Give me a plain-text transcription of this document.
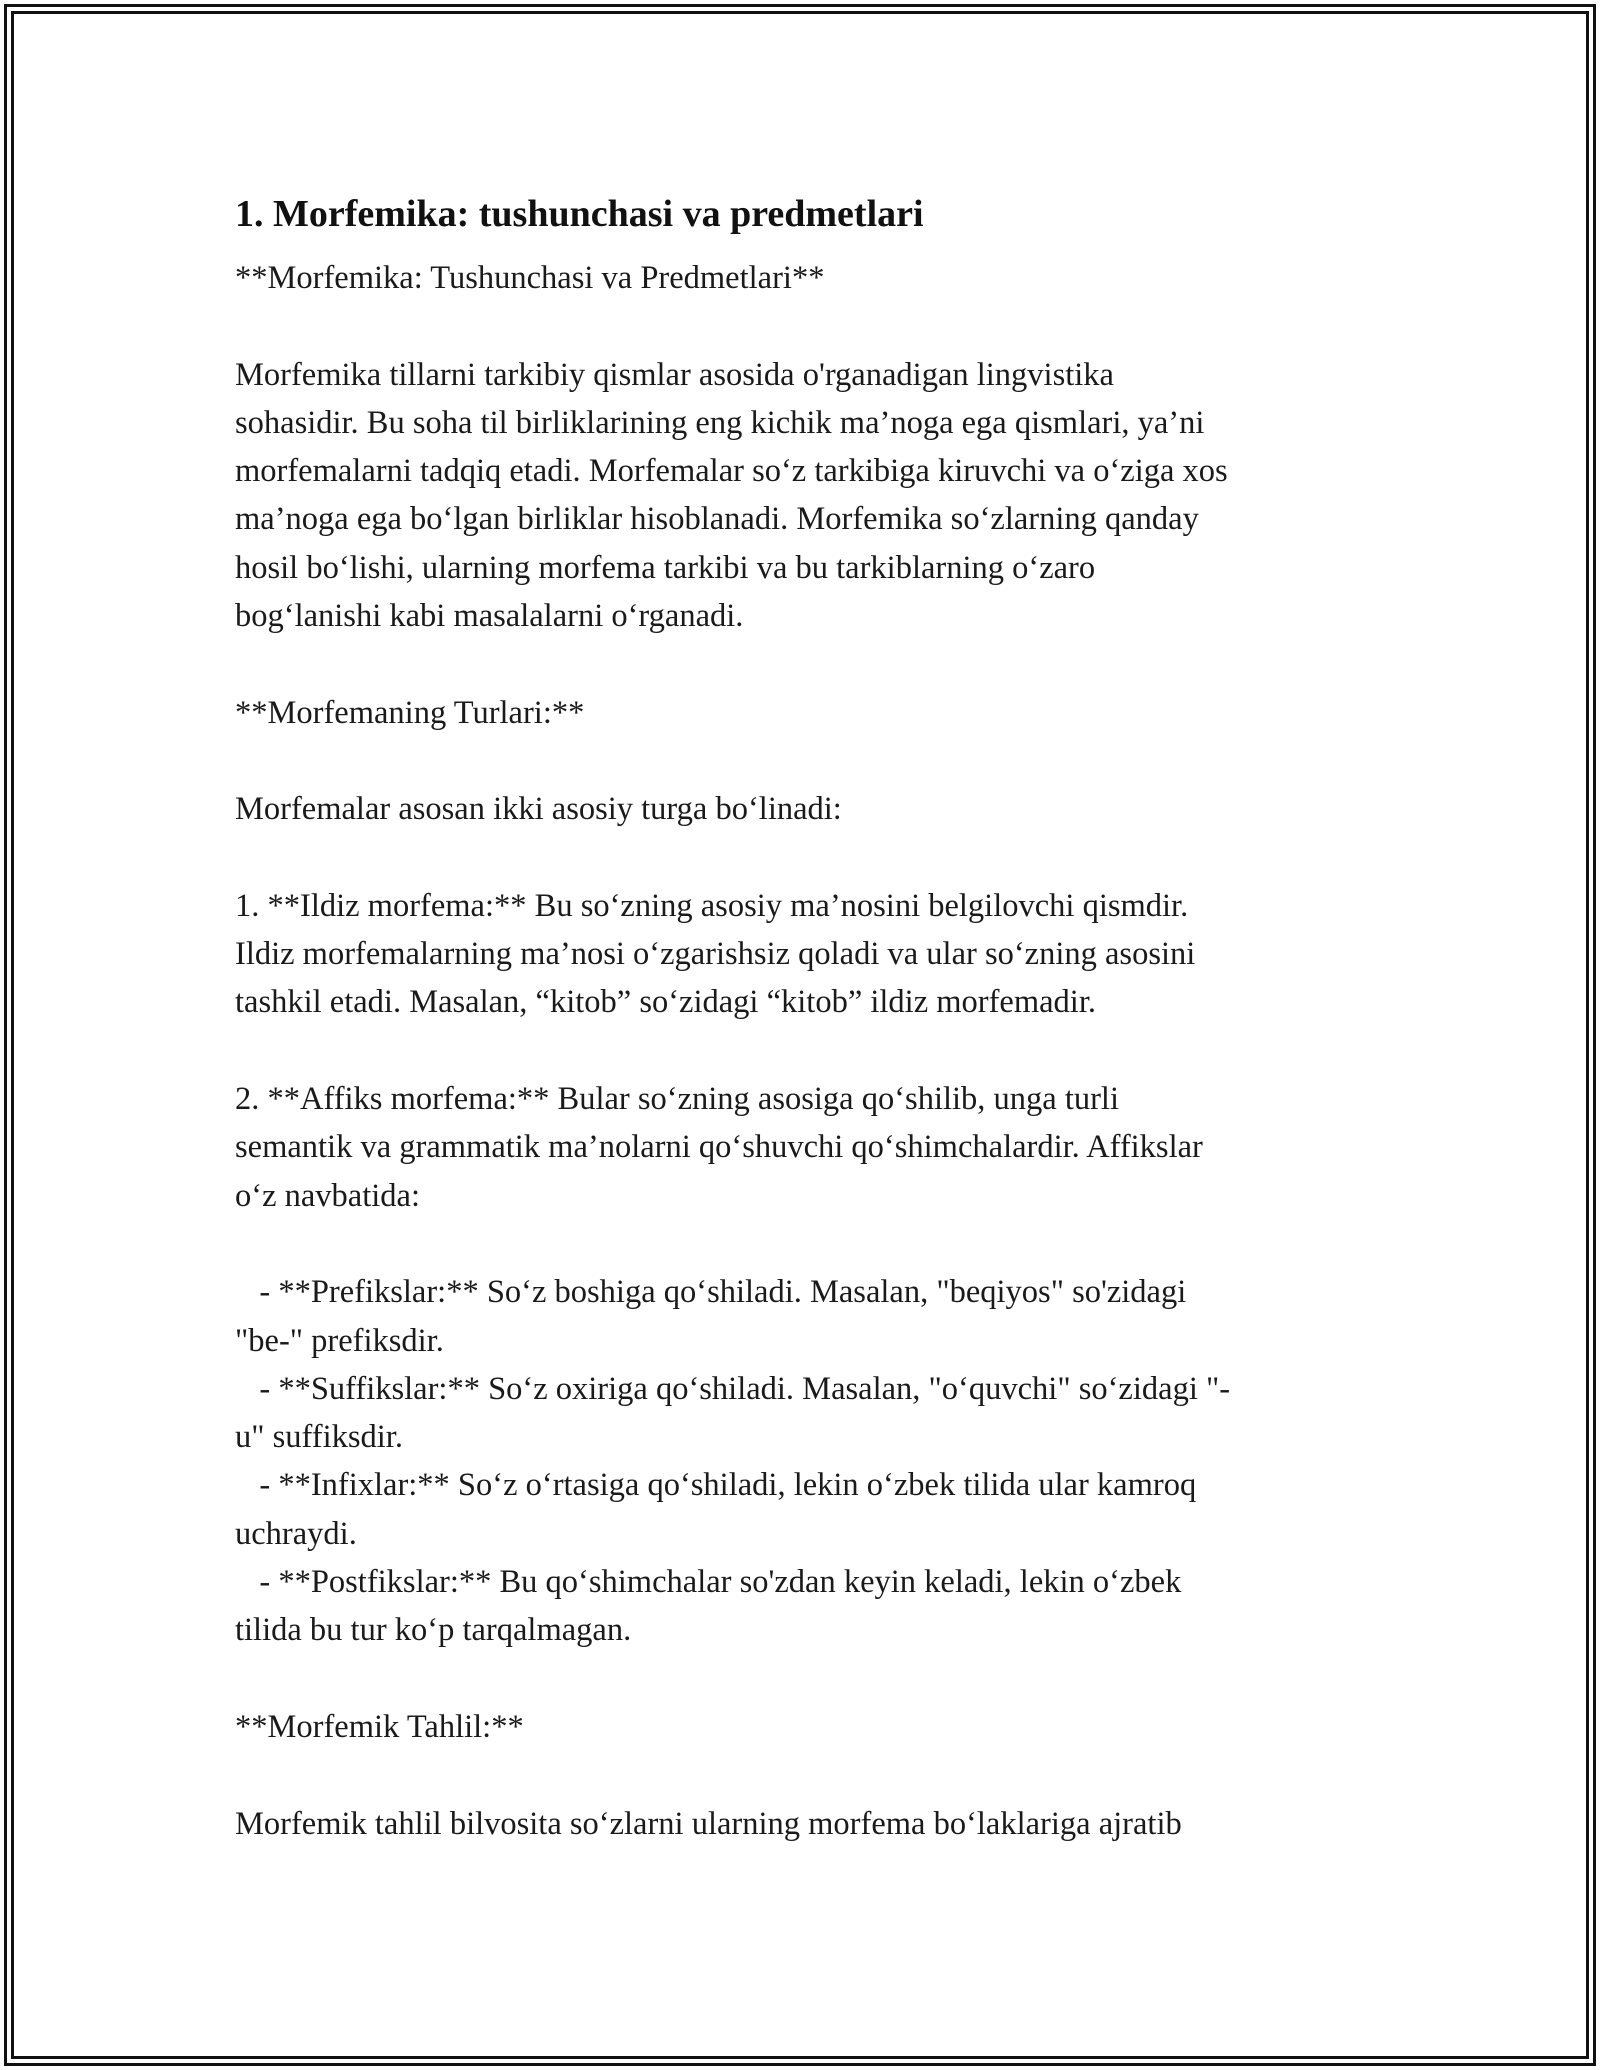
1. Morfemika: tushunchasi va predmetlari
**Morfemika: Tushunchasi va Predmetlari**

Morfemika tillarni tarkibiy qismlar asosida o'rganadigan lingvistika
sohasidir. Bu soha til birliklarining eng kichik ma’noga ega qismlari, ya’ni
morfemalarni tadqiq etadi. Morfemalar so‘z tarkibiga kiruvchi va o‘ziga xos
ma’noga ega bo‘lgan birliklar hisoblanadi. Morfemika so‘zlarning qanday
hosil bo‘lishi, ularning morfema tarkibi va bu tarkiblarning o‘zaro
bog‘lanishi kabi masalalarni o‘rganadi.

**Morfemaning Turlari:**

Morfemalar asosan ikki asosiy turga bo‘linadi:

1. **Ildiz morfema:** Bu so‘zning asosiy ma’nosini belgilovchi qismdir.
Ildiz morfemalarning ma’nosi o‘zgarishsiz qoladi va ular so‘zning asosini
tashkil etadi. Masalan, “kitob” so‘zidagi “kitob” ildiz morfemadir.

2. **Affiks morfema:** Bular so‘zning asosiga qo‘shilib, unga turli
semantik va grammatik ma’nolarni qo‘shuvchi qo‘shimchalardir. Affikslar
o‘z navbatida:

- **Prefikslar:** So‘z boshiga qo‘shiladi. Masalan, "beqiyos" so'zidagi
"be-" prefiksdir.
- **Suffikslar:** So‘z oxiriga qo‘shiladi. Masalan, "o‘quvchi" so‘zidagi "-
u" suffiksdir.
- **Infixlar:** So‘z o‘rtasiga qo‘shiladi, lekin o‘zbek tilida ular kamroq
uchraydi.
- **Postfikslar:** Bu qo‘shimchalar so'zdan keyin keladi, lekin o‘zbek
tilida bu tur ko‘p tarqalmagan.

**Morfemik Tahlil:**

Morfemik tahlil bilvosita so‘zlarni ularning morfema bo‘laklariga ajratib
